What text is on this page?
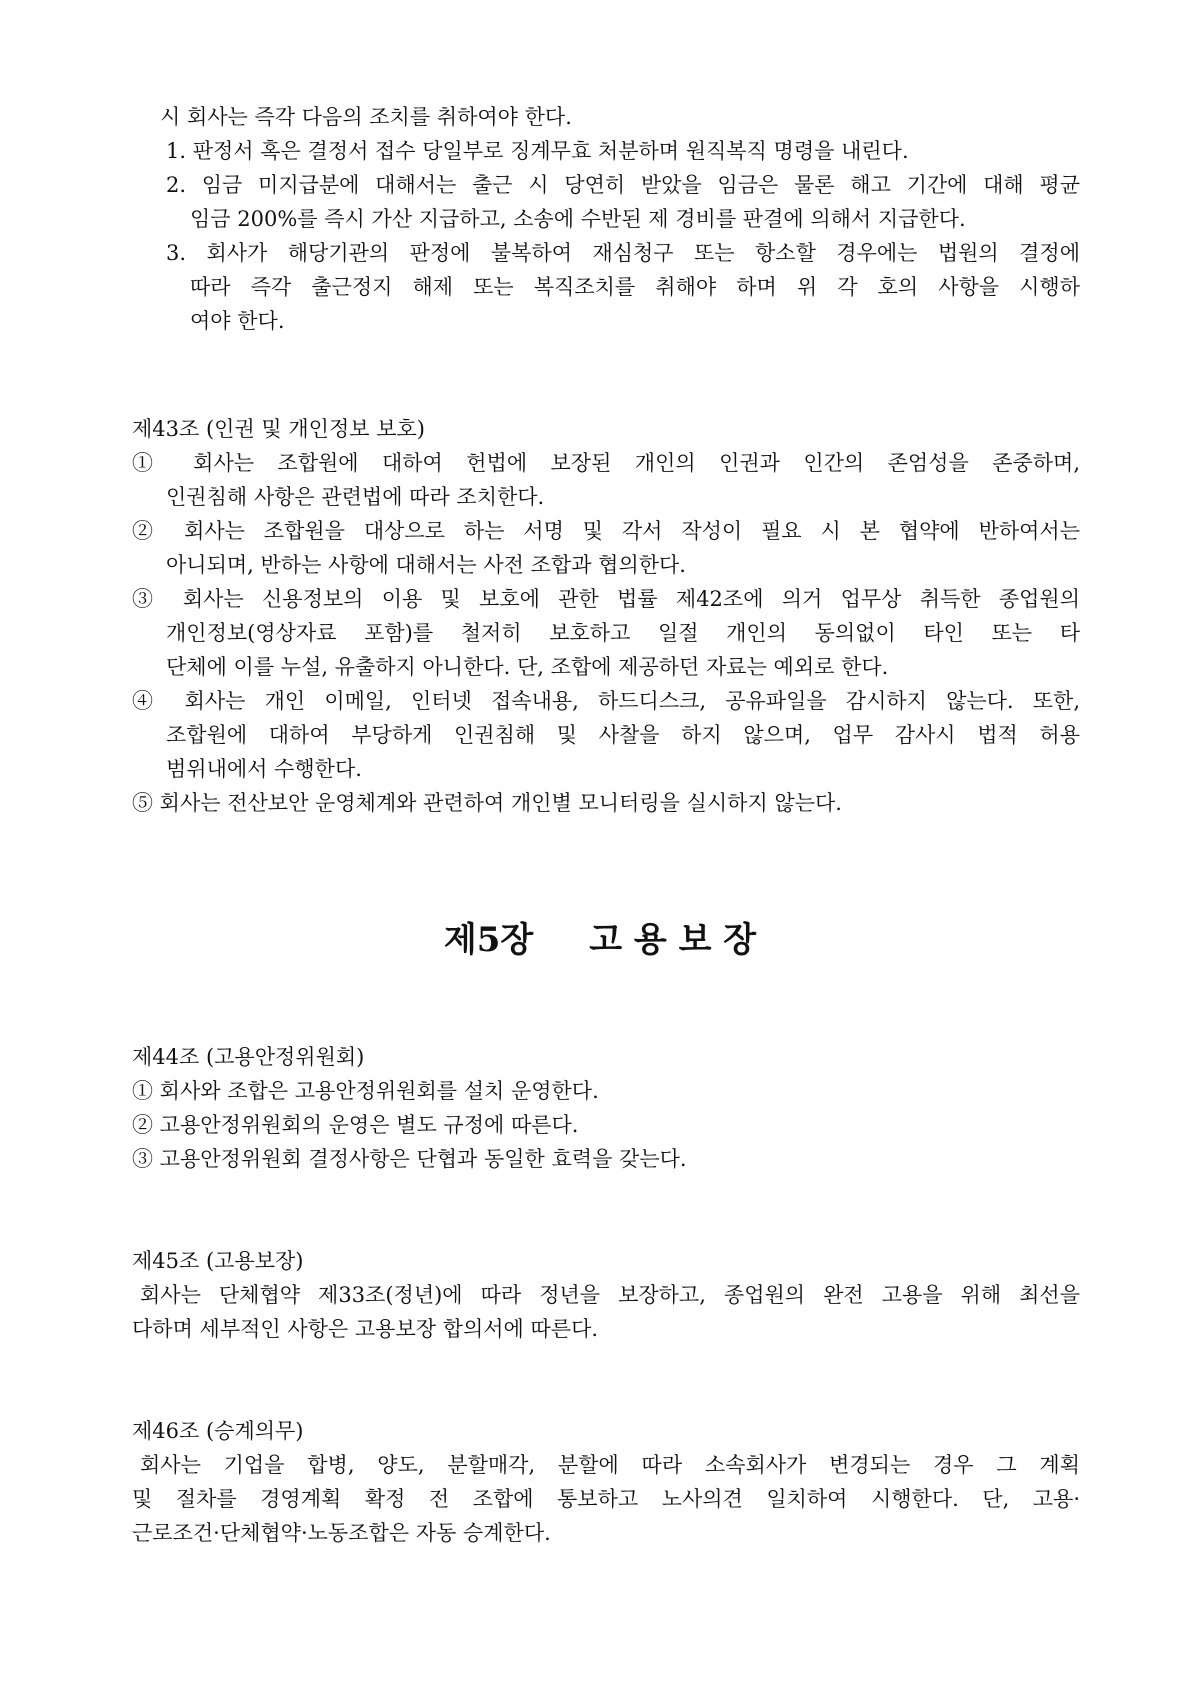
시 회사는 즉각 다음의 조치를 취하여야 한다.
1. 판정서 혹은 결정서 접수 당일부로 징계무효 처분하며 원직복직 명령을 내린다.
2. 임금 미지급분에 대해서는 출근 시 당연히 받았을 임금은 물론 해고 기간에 대해 평균
임금 200%를 즉시 가산 지급하고, 소송에 수반된 제 경비를 판결에 의해서 지급한다.
3. 회사가 해당기관의 판정에 불복하여 재심청구 또는 항소할 경우에는 법원의 결정에
따라 즉각 출근정지 해제 또는 복직조치를 취해야 하며 위 각 호의 사항을 시행하
여야 한다.
제43조 (인권 및 개인정보 보호)
① 회사는 조합원에 대하여 헌법에 보장된 개인의 인권과 인간의 존엄성을 존중하며,
인권침해 사항은 관련법에 따라 조치한다.
② 회사는 조합원을 대상으로 하는 서명 및 각서 작성이 필요 시 본 협약에 반하여서는
아니되며, 반하는 사항에 대해서는 사전 조합과 협의한다.
③ 회사는 신용정보의 이용 및 보호에 관한 법률 제42조에 의거 업무상 취득한 종업원의
개인정보(영상자료 포함)를 철저히 보호하고 일절 개인의 동의없이 타인 또는 타
단체에 이를 누설, 유출하지 아니한다. 단, 조합에 제공하던 자료는 예외로 한다.
④ 회사는 개인 이메일, 인터넷 접속내용, 하드디스크, 공유파일을 감시하지 않는다. 또한,
조합원에 대하여 부당하게 인권침해 및 사찰을 하지 않으며, 업무 감사시 법적 허용
범위내에서 수행한다.
⑤ 회사는 전산보안 운영체계와 관련하여 개인별 모니터링을 실시하지 않는다.
제5장 고 용 보 장
제44조 (고용안정위원회)
① 회사와 조합은 고용안정위원회를 설치 운영한다.
② 고용안정위원회의 운영은 별도 규정에 따른다.
③ 고용안정위원회 결정사항은 단협과 동일한 효력을 갖는다.
제45조 (고용보장)
회사는 단체협약 제33조(정년)에 따라 정년을 보장하고, 종업원의 완전 고용을 위해 최선을
다하며 세부적인 사항은 고용보장 합의서에 따른다.
제46조 (승계의무)
회사는 기업을 합병, 양도, 분할매각, 분할에 따라 소속회사가 변경되는 경우 그 계획
및 절차를 경영계획 확정 전 조합에 통보하고 노사의견 일치하여 시행한다. 단, 고용·
근로조건·단체협약·노동조합은 자동 승계한다.
